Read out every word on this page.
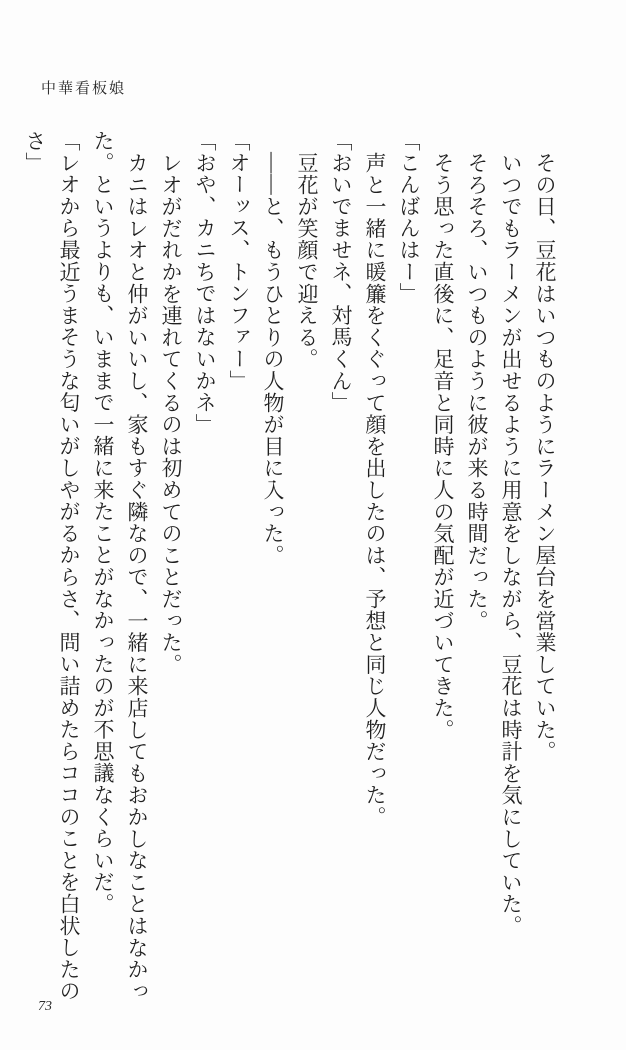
中華看板娘

その日、豆花はいつものようにラーメン屋台を営業していた。

いつでもラーメンが出せるように用意をしながら、豆花は時計を気にしていた。

そろそろ、いつものように彼が来る時間だった。

そう思った直後に、足音と同時に人の気配が近づいてきた。

「こんばんはー」

声と一緒に暖簾をくぐって顔を出したのは、予想と同じ人物だった。

「おいでませネ、対馬くん」

豆花が笑顔で迎える。

――と、もうひとりの人物が目に入った。

「オーッス、トンファー」

「おや、カニちではないかネ」

レオがだれかを連れてくるのは初めてのことだった。

カニはレオと仲がいいし、家もすぐ隣なので、一緒に来店してもおかしなことはなかっ

た。というよりも、いままで一緒に来たことがなかったのが不思議なくらいだ。

「レオから最近うまそうな匂いがしやがるからさ、問い詰めたらココのことを白状したの

さ」

73
